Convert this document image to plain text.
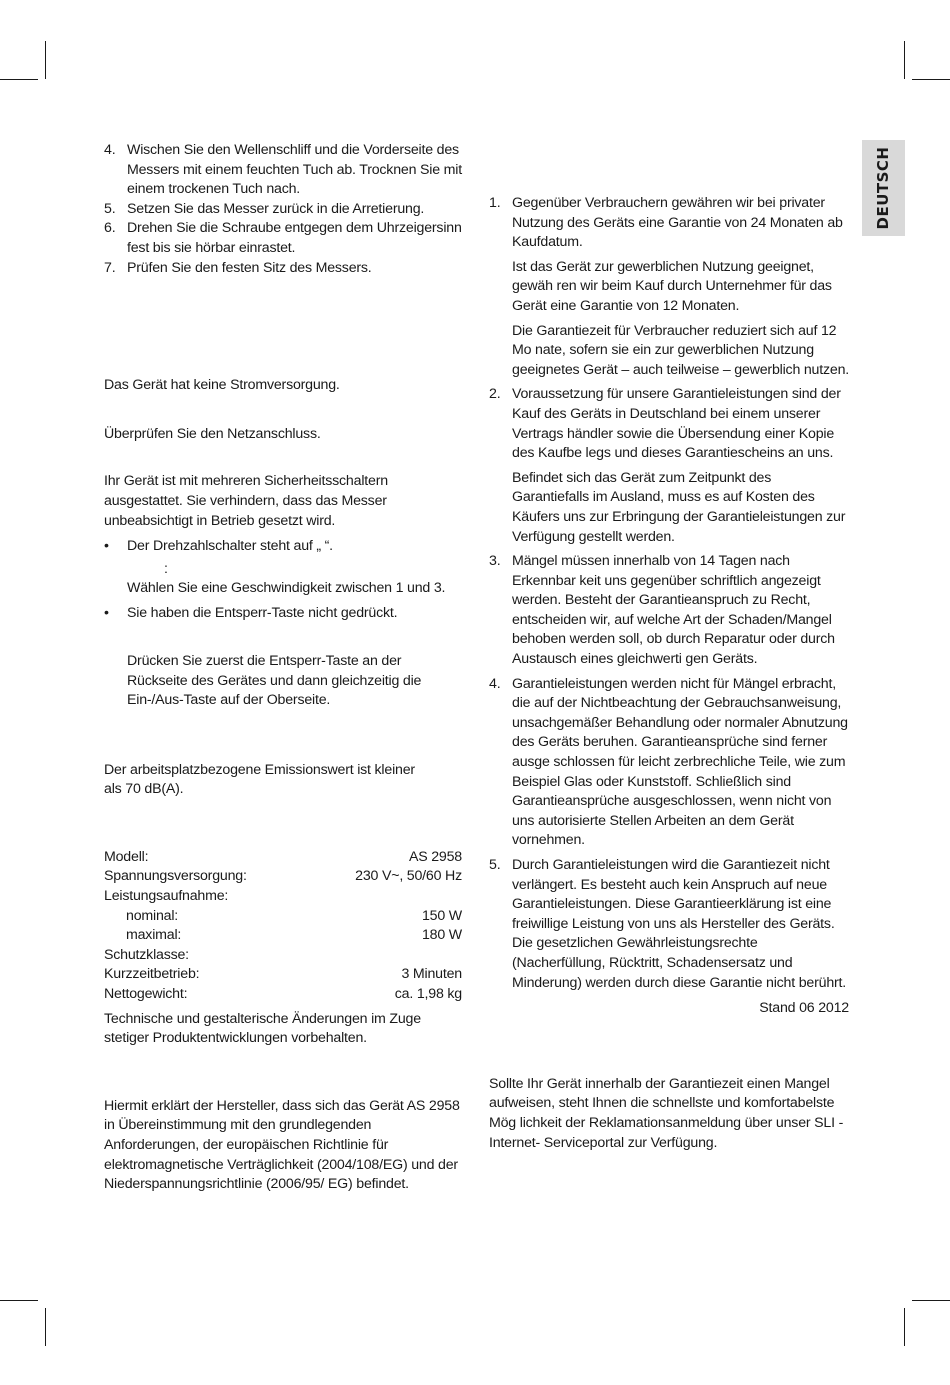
DEUTSCH
4. Wischen Sie den Wellenschliff und die Vorderseite des Messers mit einem feuchten Tuch ab. Trocknen Sie mit einem trockenen Tuch nach.

5. Setzen Sie das Messer zurück in die Arretierung.

6. Drehen Sie die Schraube entgegen dem Uhrzeigersinn fest bis sie hörbar einrastet.

7. Prüfen Sie den festen Sitz des Messers.

Das Gerät hat keine Stromversorgung.

Überprüfen Sie den Netzanschluss.

Ihr Gerät ist mit mehreren Sicherheitsschaltern ausgestattet. Sie verhindern, dass das Messer unbeabsichtigt in Betrieb gesetzt wird.

• Der Drehzahlschalter steht auf „ “.
:
Wählen Sie eine Geschwindigkeit zwischen 1 und 3.
• Sie haben die Entsperr-Taste nicht gedrückt.
Drücken Sie zuerst die Entsperr-Taste an der Rückseite des Gerätes und dann gleichzeitig die Ein-/Aus-Taste auf der Oberseite.

Der arbeitsplatzbezogene Emissionswert ist kleiner als 70 dB(A).

Modell:	AS 2958
Spannungsversorgung:	230 V~, 50/60 Hz
Leistungsaufnahme:
nominal:	150 W
maximal:	180 W
Schutzklasse:
Kurzzeitbetrieb:	3 Minuten
Nettogewicht:	ca. 1,98 kg

Technische und gestalterische Änderungen im Zuge stetiger Produktentwicklungen vorbehalten.

Hiermit erklärt der Hersteller, dass sich das Gerät AS 2958 in Übereinstimmung mit den grundlegenden Anforderungen, der europäischen Richtlinie für elektromagnetische Verträglichkeit (2004/108/EG) und der Niederspannungsrichtlinie (2006/95/ EG) befindet.

1. Gegenüber Verbrauchern gewähren wir bei privater Nutzung des Geräts eine Garantie von 24 Monaten ab Kaufdatum.

Ist das Gerät zur gewerblichen Nutzung geeignet, gewäh ren wir beim Kauf durch Unternehmer für das Gerät eine Garantie von 12 Monaten.

Die Garantiezeit für Verbraucher reduziert sich auf 12 Mo nate, sofern sie ein zur gewerblichen Nutzung geeignetes Gerät – auch teilweise – gewerblich nutzen.

2. Voraussetzung für unsere Garantieleistungen sind der Kauf des Geräts in Deutschland bei einem unserer Vertrags händler sowie die Übersendung einer Kopie des Kaufbe legs und dieses Garantiescheins an uns.

Befindet sich das Gerät zum Zeitpunkt des Garantiefalls im Ausland, muss es auf Kosten des Käufers uns zur Erbringung der Garantieleistungen zur Verfügung gestellt werden.

3. Mängel müssen innerhalb von 14 Tagen nach Erkennbar keit uns gegenüber schriftlich angezeigt werden. Besteht der Garantieanspruch zu Recht, entscheiden wir, auf welche Art der Schaden/Mangel behoben werden soll, ob durch Reparatur oder durch Austausch eines gleichwerti gen Geräts.

4. Garantieleistungen werden nicht für Mängel erbracht, die auf der Nichtbeachtung der Gebrauchsanweisung, unsachgemäßer Behandlung oder normaler Abnutzung des Geräts beruhen. Garantieansprüche sind ferner ausge schlossen für leicht zerbrechliche Teile, wie zum Beispiel Glas oder Kunststoff. Schließlich sind Garantieansprüche ausgeschlossen, wenn nicht von uns autorisierte Stellen Arbeiten an dem Gerät vornehmen.

5. Durch Garantieleistungen wird die Garantiezeit nicht verlängert. Es besteht auch kein Anspruch auf neue Garantieleistungen. Diese Garantieerklärung ist eine freiwillige Leistung von uns als Hersteller des Geräts. Die gesetzlichen Gewährleistungsrechte (Nacherfüllung, Rücktritt, Schadensersatz und Minderung) werden durch diese Garantie nicht berührt.

Stand 06 2012

Sollte Ihr Gerät innerhalb der Garantiezeit einen Mangel aufweisen, steht Ihnen die schnellste und komfortabelste Mög lichkeit der Reklamationsanmeldung über unser SLI - Internet- Serviceportal zur Verfügung.
